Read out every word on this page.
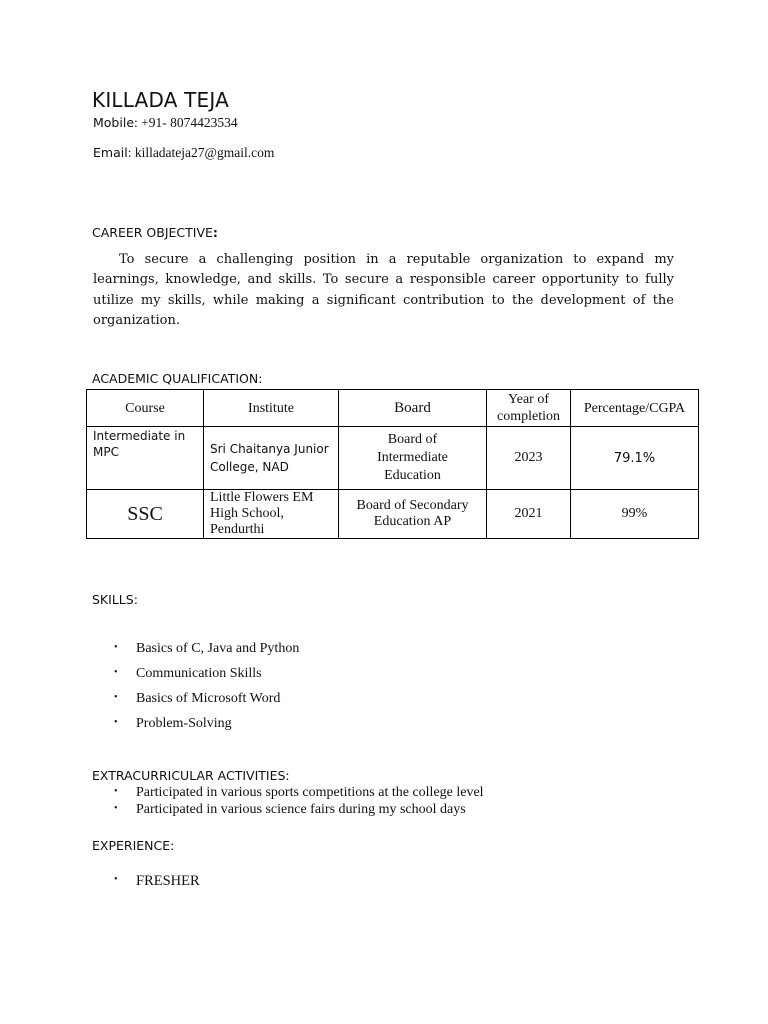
KILLADA TEJA
Mobile: +91- 8074423534
Email: killadateja27@gmail.com
CAREER OBJECTIVE:
To secure a challenging position in a reputable organization to expand my learnings, knowledge, and skills. To secure a responsible career opportunity to fully utilize my skills, while making a significant contribution to the development of the organization.
ACADEMIC QUALIFICATION:
Course	Institute	Board	Year of completion	Percentage/CGPA
Intermediate in MPC	Sri Chaitanya Junior College, NAD	Board of Intermediate Education	2023	79.1%
SSC	Little Flowers EM High School, Pendurthi	Board of Secondary Education AP	2021	99%
SKILLS:
• Basics of C, Java and Python
• Communication Skills
• Basics of Microsoft Word
• Problem-Solving
EXTRACURRICULAR ACTIVITIES:
• Participated in various sports competitions at the college level
• Participated in various science fairs during my school days
EXPERIENCE:
• FRESHER
